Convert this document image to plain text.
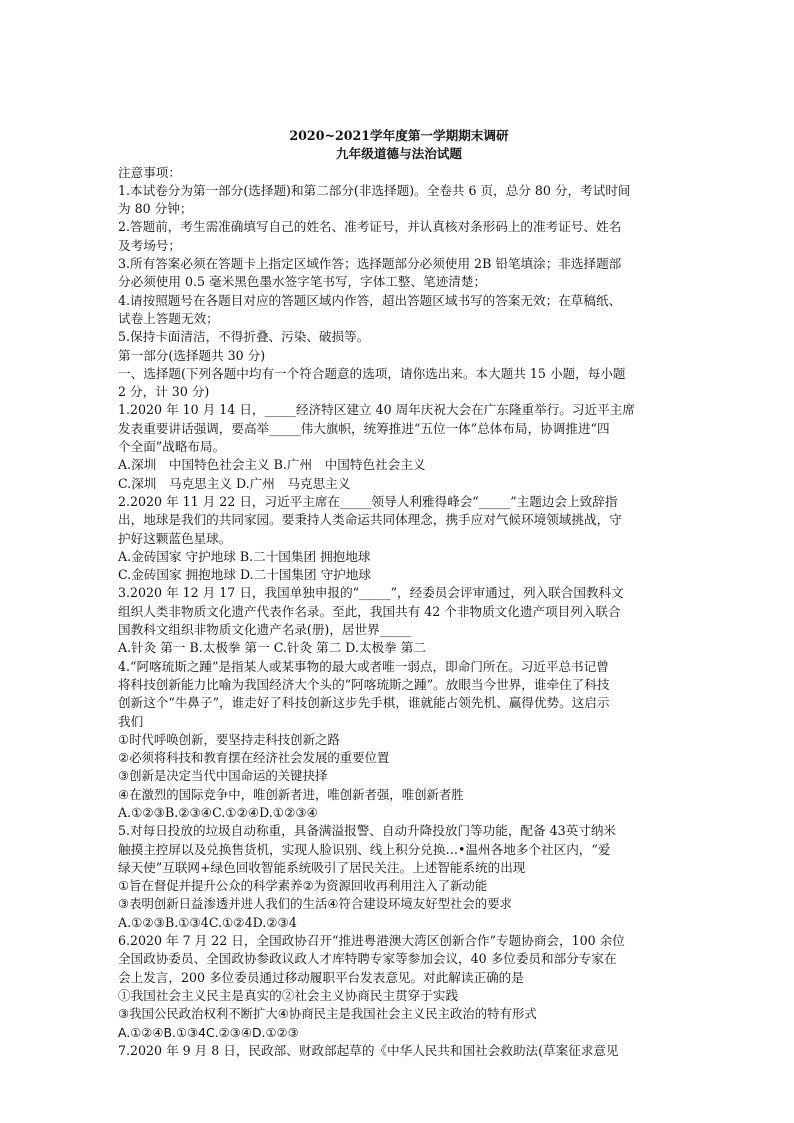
2020~2021学年度第一学期期末调研
九年级道德与法治试题
注意事项：
1.本试卷分为第一部分(选择题)和第二部分(非选择题)。全卷共 6 页，总分 80 分，考试时间
为 80 分钟；
2.答题前，考生需准确填写自己的姓名、准考证号，并认真核对条形码上的准考证号、姓名
及考场号；
3.所有答案必须在答题卡上指定区域作答；选择题部分必须使用 2B 铅笔填涂；非选择题部
分必须使用 0.5 毫米黑色墨水签字笔书写，字体工整、笔迹清楚；
4.请按照题号在各题目对应的答题区域内作答，超出答题区域书写的答案无效；在草稿纸、
试卷上答题无效；
5.保持卡面清洁，不得折叠、污染、破损等。
第一部分(选择题共 30 分)
一、选择题(下列各题中均有一个符合题意的选项，请你选出来。本大题共 15 小题，每小题
2 分，计 30 分)
1.2020 年 10 月 14 日，_____经济特区建立 40 周年庆祝大会在广东隆重举行。习近平主席
发表重要讲话强调，要高举_____伟大旗帜，统筹推进“五位一体”总体布局，协调推进“四
个全面”战略布局。
A.深圳　中国特色社会主义 B.广州　中国特色社会主义
C.深圳　马克思主义 D.广州　马克思主义
2.2020 年 11 月 22 日，习近平主席在_____领导人利雅得峰会“_____”主题边会上致辞指
出，地球是我们的共同家园。要秉持人类命运共同体理念，携手应对气候环境领域挑战，守
护好这颗蓝色星球。
A.金砖国家 守护地球 B.二十国集团 拥抱地球
C.金砖国家 拥抱地球 D.二十国集团 守护地球
3.2020 年 12 月 17 日，我国单独申报的“_____”，经委员会评审通过，列入联合国教科文
组织人类非物质文化遗产代表作名录。至此，我国共有 42 个非物质文化遗产项目列入联合
国教科文组织非物质文化遗产名录(册)，居世界_____
A.针灸 第一 B.太极拳 第一 C.针灸 第二 D.太极拳 第二
4.“阿喀琉斯之踵”是指某人或某事物的最大或者唯一弱点，即命门所在。习近平总书记曾
将科技创新能力比喻为我国经济大个头的“阿喀琉斯之踵”。放眼当今世界，谁牵住了科技
创新这个“牛鼻子”，谁走好了科技创新这步先手棋，谁就能占领先机、赢得优势。这启示
我们
①时代呼唤创新，要坚持走科技创新之路
②必须将科技和教育摆在经济社会发展的重要位置
③创新是决定当代中国命运的关键抉择
④在激烈的国际竞争中，唯创新者进，唯创新者强，唯创新者胜
A.①②③B.②③④C.①②④D.①②③④
5.对每日投放的垃圾自动称重，具备满溢报警、自动升降投放门等功能，配备 43英寸纳米
触摸主控屏以及兑换售货机，实现人脸识别、线上积分兑换…•温州各地多个社区内，“爱
绿天使”互联网+绿色回收智能系统吸引了居民关注。上述智能系统的出现
①旨在督促并提升公众的科学素养②为资源回收再利用注入了新动能
③表明创新日益渗透并进人我们的生活④符合建设环境友好型社会的要求
A.①②③B.①③4C.①②4D.②③4
6.2020 年 7 月 22 日，全国政协召开“推进粤港澳大湾区创新合作”专题协商会，100 余位
全国政协委员、全国政协参政议政人才库特聘专家等参加会议，40 多位委员和部分专家在
会上发言，200 多位委员通过移动履职平台发表意见。对此解读正确的是
①我国社会主义民主是真实的②社会主义协商民主贯穿于实践
③我国公民政治权利不断扩大④协商民主是我国社会主义民主政治的特有形式
A.①②④B.①③4C.②③④D.①②③
7.2020 年 9 月 8 日，民政部、财政部起草的《中华人民共和国社会救助法(草案征求意见
